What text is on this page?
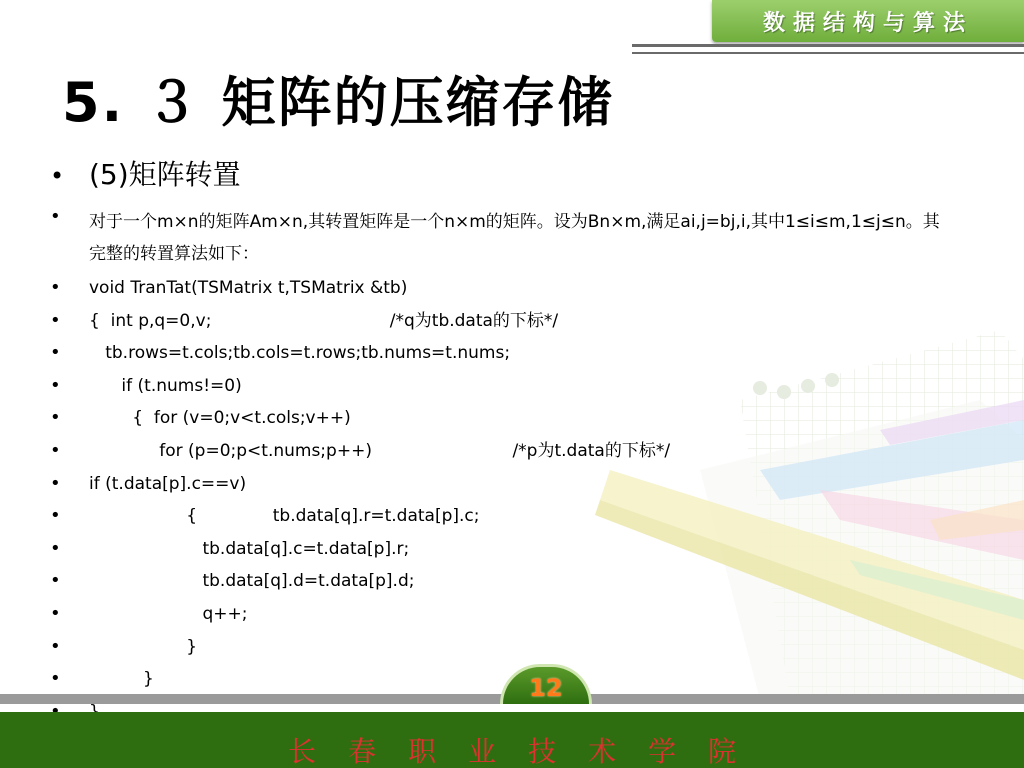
数据结构与算法
5. ３ 矩阵的压缩存储
• (5)矩阵转置
• 对于一个m×n的矩阵Am×n,其转置矩阵是一个n×m的矩阵。设为Bn×m,满足ai,j=bj,i,其中1≤i≤m,1≤j≤n。其完整的转置算法如下：
• void TranTat(TSMatrix t,TSMatrix &tb)
• {  int p,q=0,v;                                 /*q为tb.data的下标*/
• tb.rows=t.cols;tb.cols=t.rows;tb.nums=t.nums;
• if (t.nums!=0)
• {  for (v=0;v<t.cols;v++)
• for (p=0;p<t.nums;p++)                          /*p为t.data的下标*/
• if (t.data[p].c==v)
• {              tb.data[q].r=t.data[p].c;
• tb.data[q].c=t.data[p].r;
• tb.data[q].d=t.data[p].d;
• q++;
• }
• }	12
长春职业技术学院
